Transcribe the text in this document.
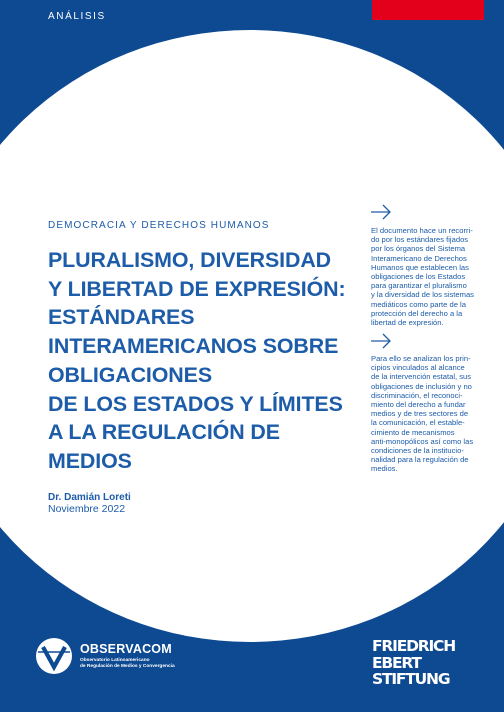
ANÁLISIS
DEMOCRACIA Y DERECHOS HUMANOS
PLURALISMO, DIVERSIDAD
Y LIBERTAD DE EXPRESIÓN:
ESTÁNDARES
INTERAMERICANOS SOBRE
OBLIGACIONES
DE LOS ESTADOS Y LÍMITES
A LA REGULACIÓN DE
MEDIOS
Dr. Damián Loreti
Noviembre 2022
El documento hace un recorri-
do por los estándares fijados
por los órganos del Sistema
Interamericano de Derechos
Humanos que establecen las
obligaciones de los Estados
para garantizar el pluralismo
y la diversidad de los sistemas
mediáticos como parte de la
protección del derecho a la
libertad de expresión.
Para ello se analizan los prin-
cipios vinculados al alcance
de la intervención estatal, sus
obligaciones de inclusión y no
discriminación, el reconoci-
miento del derecho a fundar
medios y de tres sectores de
la comunicación, el estable-
cimiento de mecanismos
anti-monopólicos así como las
condiciones de la institucio-
nalidad para la regulación de
medios.
OBSERVACOM
Observatorio Latinoamericano
de Regulación de Medios y Convergencia
FRIEDRICH
EBERT
STIFTUNG
